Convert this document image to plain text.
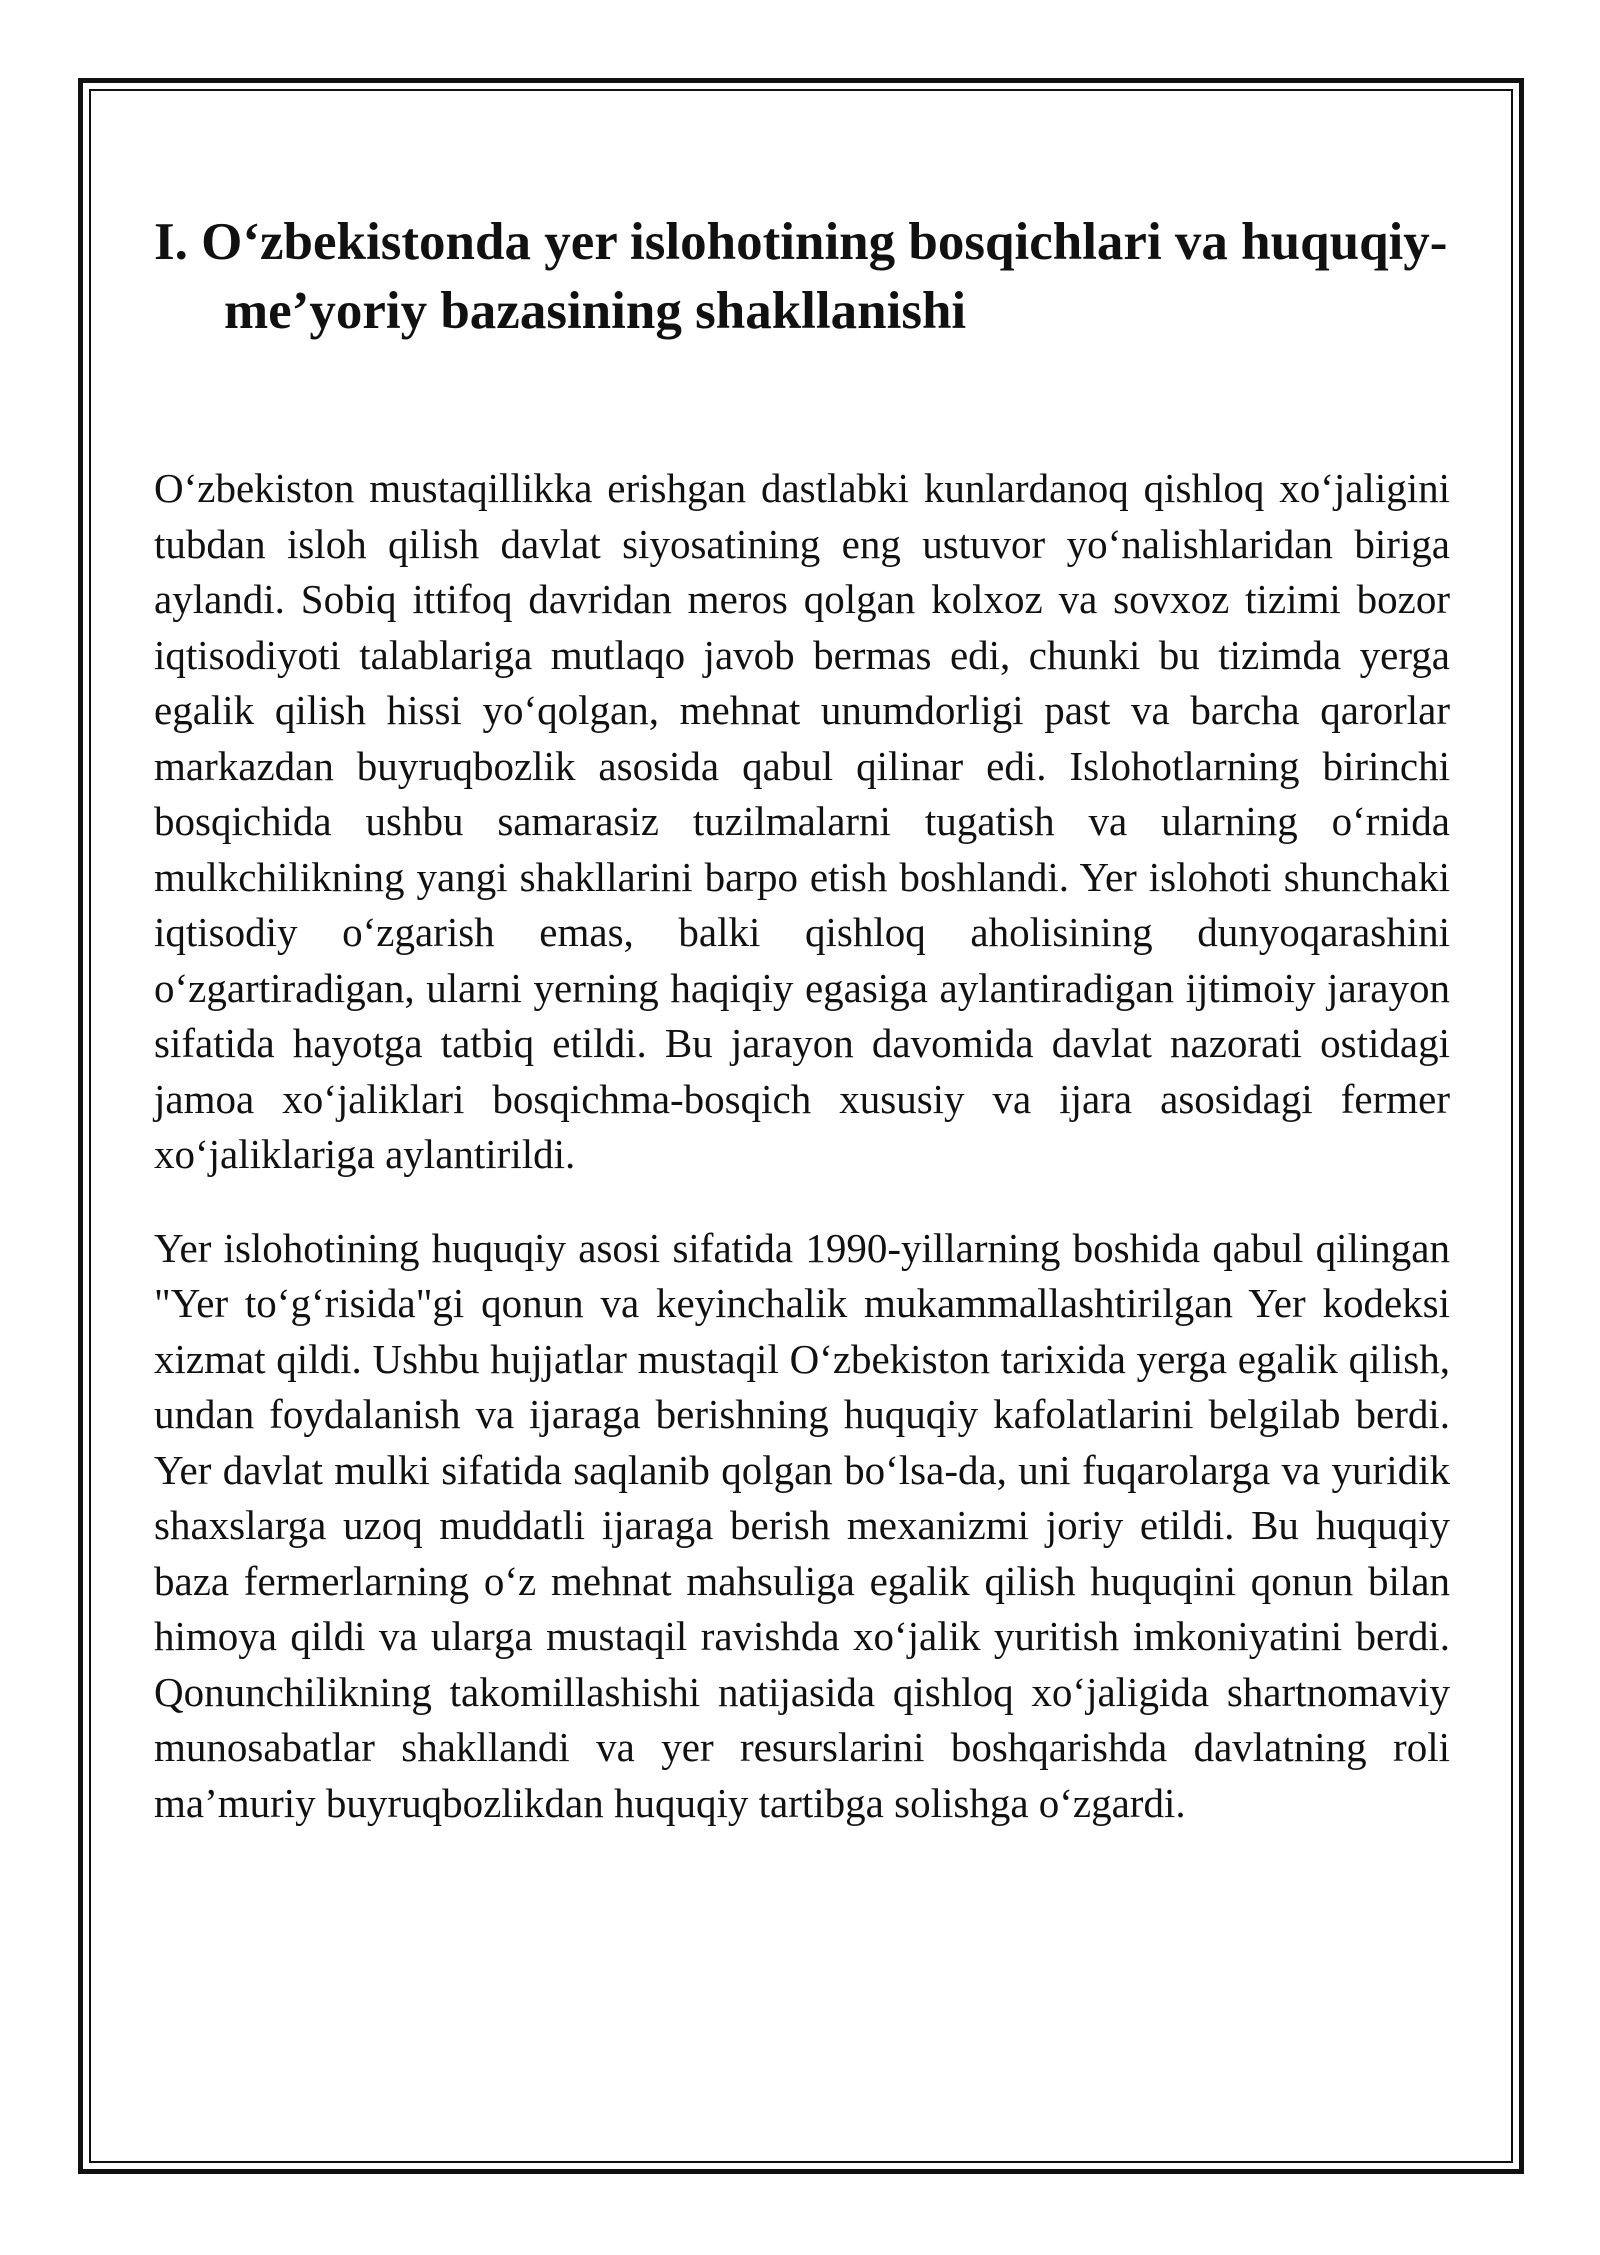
I. O‘zbekistonda yer islohotining bosqichlari va huquqiy-me’yoriy bazasining shakllanishi

O‘zbekiston mustaqillikka erishgan dastlabki kunlardanoq qishloq xo‘jaligini tubdan isloh qilish davlat siyosatining eng ustuvor yo‘nalishlaridan biriga aylandi. Sobiq ittifoq davridan meros qolgan kolxoz va sovxoz tizimi bozor iqtisodiyoti talablariga mutlaqo javob bermas edi, chunki bu tizimda yerga egalik qilish hissi yo‘qolgan, mehnat unumdorligi past va barcha qarorlar markazdan buyruqbozlik asosida qabul qilinar edi. Islohotlarning birinchi bosqichida ushbu samarasiz tuzilmalarni tugatish va ularning o‘rnida mulkchilikning yangi shakllarini barpo etish boshlandi. Yer islohoti shunchaki iqtisodiy o‘zgarish emas, balki qishloq aholisining dunyoqarashini o‘zgartiradigan, ularni yerning haqiqiy egasiga aylantiradigan ijtimoiy jarayon sifatida hayotga tatbiq etildi. Bu jarayon davomida davlat nazorati ostidagi jamoa xo‘jaliklari bosqichma-bosqich xususiy va ijara asosidagi fermer xo‘jaliklariga aylantirildi.

Yer islohotining huquqiy asosi sifatida 1990-yillarning boshida qabul qilingan "Yer to‘g‘risida"gi qonun va keyinchalik mukammallashtirilgan Yer kodeksi xizmat qildi. Ushbu hujjatlar mustaqil O‘zbekiston tarixida yerga egalik qilish, undan foydalanish va ijaraga berishning huquqiy kafolatlarini belgilab berdi. Yer davlat mulki sifatida saqlanib qolgan bo‘lsa-da, uni fuqarolarga va yuridik shaxslarga uzoq muddatli ijaraga berish mexanizmi joriy etildi. Bu huquqiy baza fermerlarning o‘z mehnat mahsuliga egalik qilish huquqini qonun bilan himoya qildi va ularga mustaqil ravishda xo‘jalik yuritish imkoniyatini berdi. Qonunchilikning takomillashishi natijasida qishloq xo‘jaligida shartnomaviy munosabatlar shakllandi va yer resurslarini boshqarishda davlatning roli ma’muriy buyruqbozlikdan huquqiy tartibga solishga o‘zgardi.
